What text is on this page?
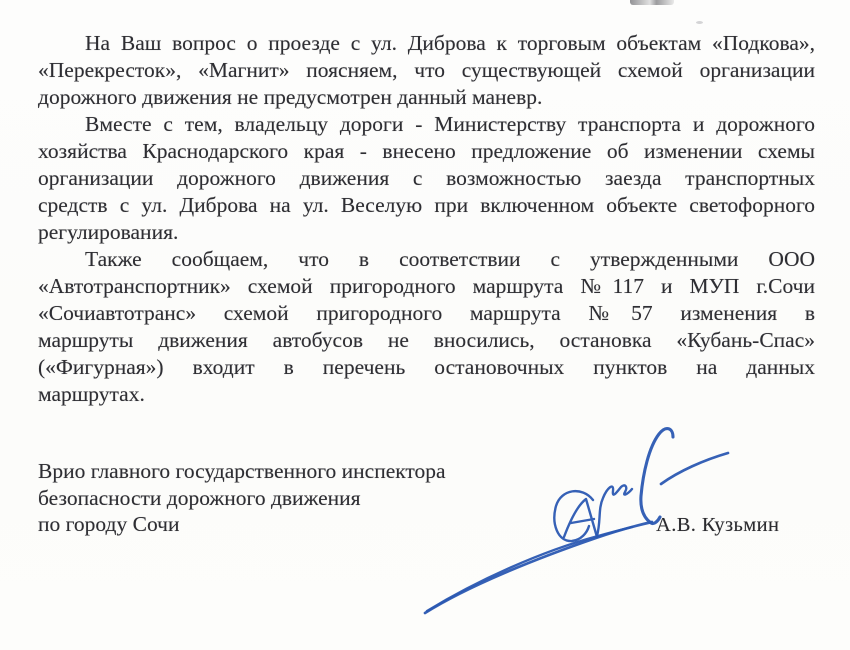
На Ваш вопрос о проезде с ул. Диброва к торговым объектам «Подкова»,
«Перекресток», «Магнит» поясняем, что существующей схемой организации
дорожного движения не предусмотрен данный маневр.
Вместе с тем, владельцу дороги - Министерству транспорта и дорожного
хозяйства Краснодарского края - внесено предложение об изменении схемы
организации дорожного движения с возможностью заезда транспортных
средств с ул. Диброва на ул. Веселую при включенном объекте светофорного
регулирования.
Также сообщаем, что в соответствии с утвержденными ООО
«Автотранспортник» схемой пригородного маршрута №117 и МУП г.Сочи
«Сочиавтотранс» схемой пригородного маршрута №57 изменения в
маршруты движения автобусов не вносились, остановка «Кубань-Спас»
(«Фигурная») входит в перечень остановочных пунктов на данных
маршрутах.
Врио главного государственного инспектора
безопасности дорожного движения
по городу Сочи	А.В. Кузьмин
